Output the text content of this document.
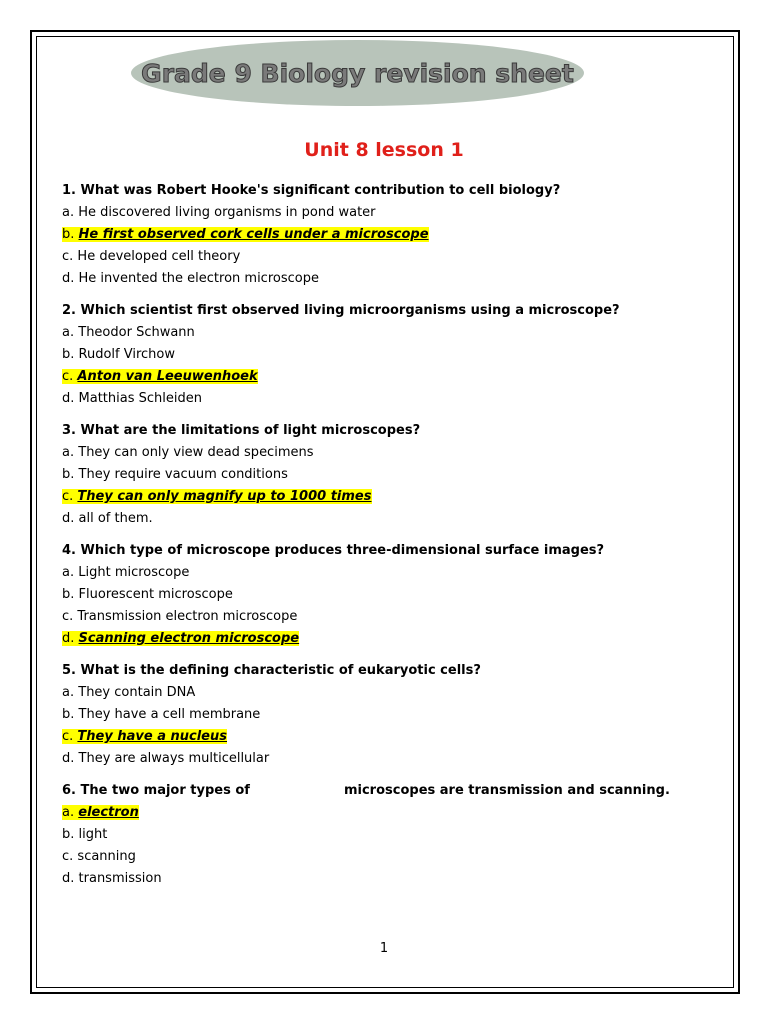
Grade 9 Biology revision sheet
Unit 8 lesson 1
1. What was Robert Hooke's significant contribution to cell biology?
a. He discovered living organisms in pond water
b. He first observed cork cells under a microscope
c. He developed cell theory
d. He invented the electron microscope
2. Which scientist first observed living microorganisms using a microscope?
a. Theodor Schwann
b. Rudolf Virchow
c. Anton van Leeuwenhoek
d. Matthias Schleiden
3. What are the limitations of light microscopes?
a. They can only view dead specimens
b. They require vacuum conditions
c. They can only magnify up to 1000 times
d. all of them.
4. Which type of microscope produces three-dimensional surface images?
a. Light microscope
b. Fluorescent microscope
c. Transmission electron microscope
d. Scanning electron microscope
5. What is the defining characteristic of eukaryotic cells?
a. They contain DNA
b. They have a cell membrane
c. They have a nucleus
d. They are always multicellular
6. The two major types of	microscopes are transmission and scanning.
a. electron
b. light
c. scanning
d. transmission
1
